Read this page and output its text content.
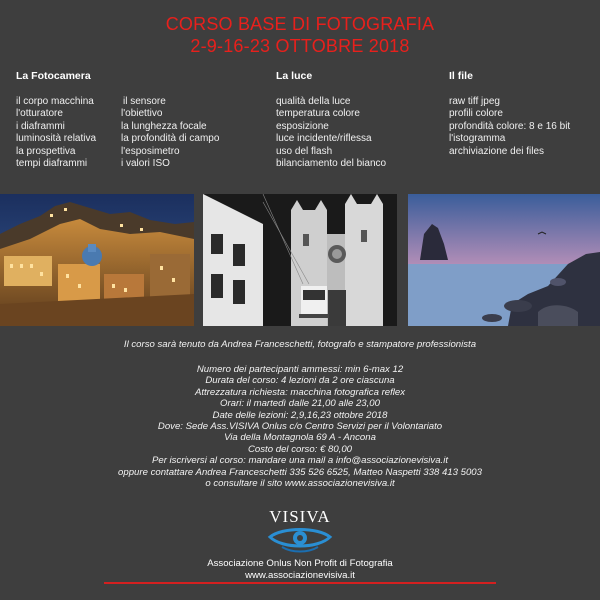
CORSO BASE DI FOTOGRAFIA
2-9-16-23 OTTOBRE 2018
La Fotocamera
il corpo macchina
l'otturatore
i diaframmi
luminosità relativa
la prospettiva
tempi diaframmi
il sensore
l'obiettivo
la lunghezza focale
la profondità di campo
l'esposimetro
i valori ISO
La luce
qualità della luce
temperatura colore
esposizione
luce incidente/riflessa
uso del flash
bilanciamento del bianco
Il file
raw tiff jpeg
profili colore
profondità colore: 8 e 16 bit
l'istogramma
archiviazione dei files
Il corso sarà tenuto da Andrea Franceschetti, fotografo e stampatore professionista
Numero dei partecipanti ammessi: min 6-max 12
Durata del corso: 4 lezioni da 2 ore ciascuna
Attrezzatura richiesta: macchina fotografica reflex
Orari: il martedì dalle 21,00 alle 23,00
Date delle lezioni: 2,9,16,23 ottobre 2018
Dove: Sede Ass.VISIVA Onlus c/o Centro Servizi per il Volontariato
Via della Montagnola 69 A - Ancona
Costo del corso: € 80,00
Per iscriversi al corso: mandare una mail a info@associazionevisiva.it
oppure contattare Andrea Franceschetti 335 526 6525, Matteo Naspetti 338 413 5003
o consultare il sito www.associazionevisiva.it
VISIVA
Associazione Onlus Non Profit di Fotografia
www.associazionevisiva.it
